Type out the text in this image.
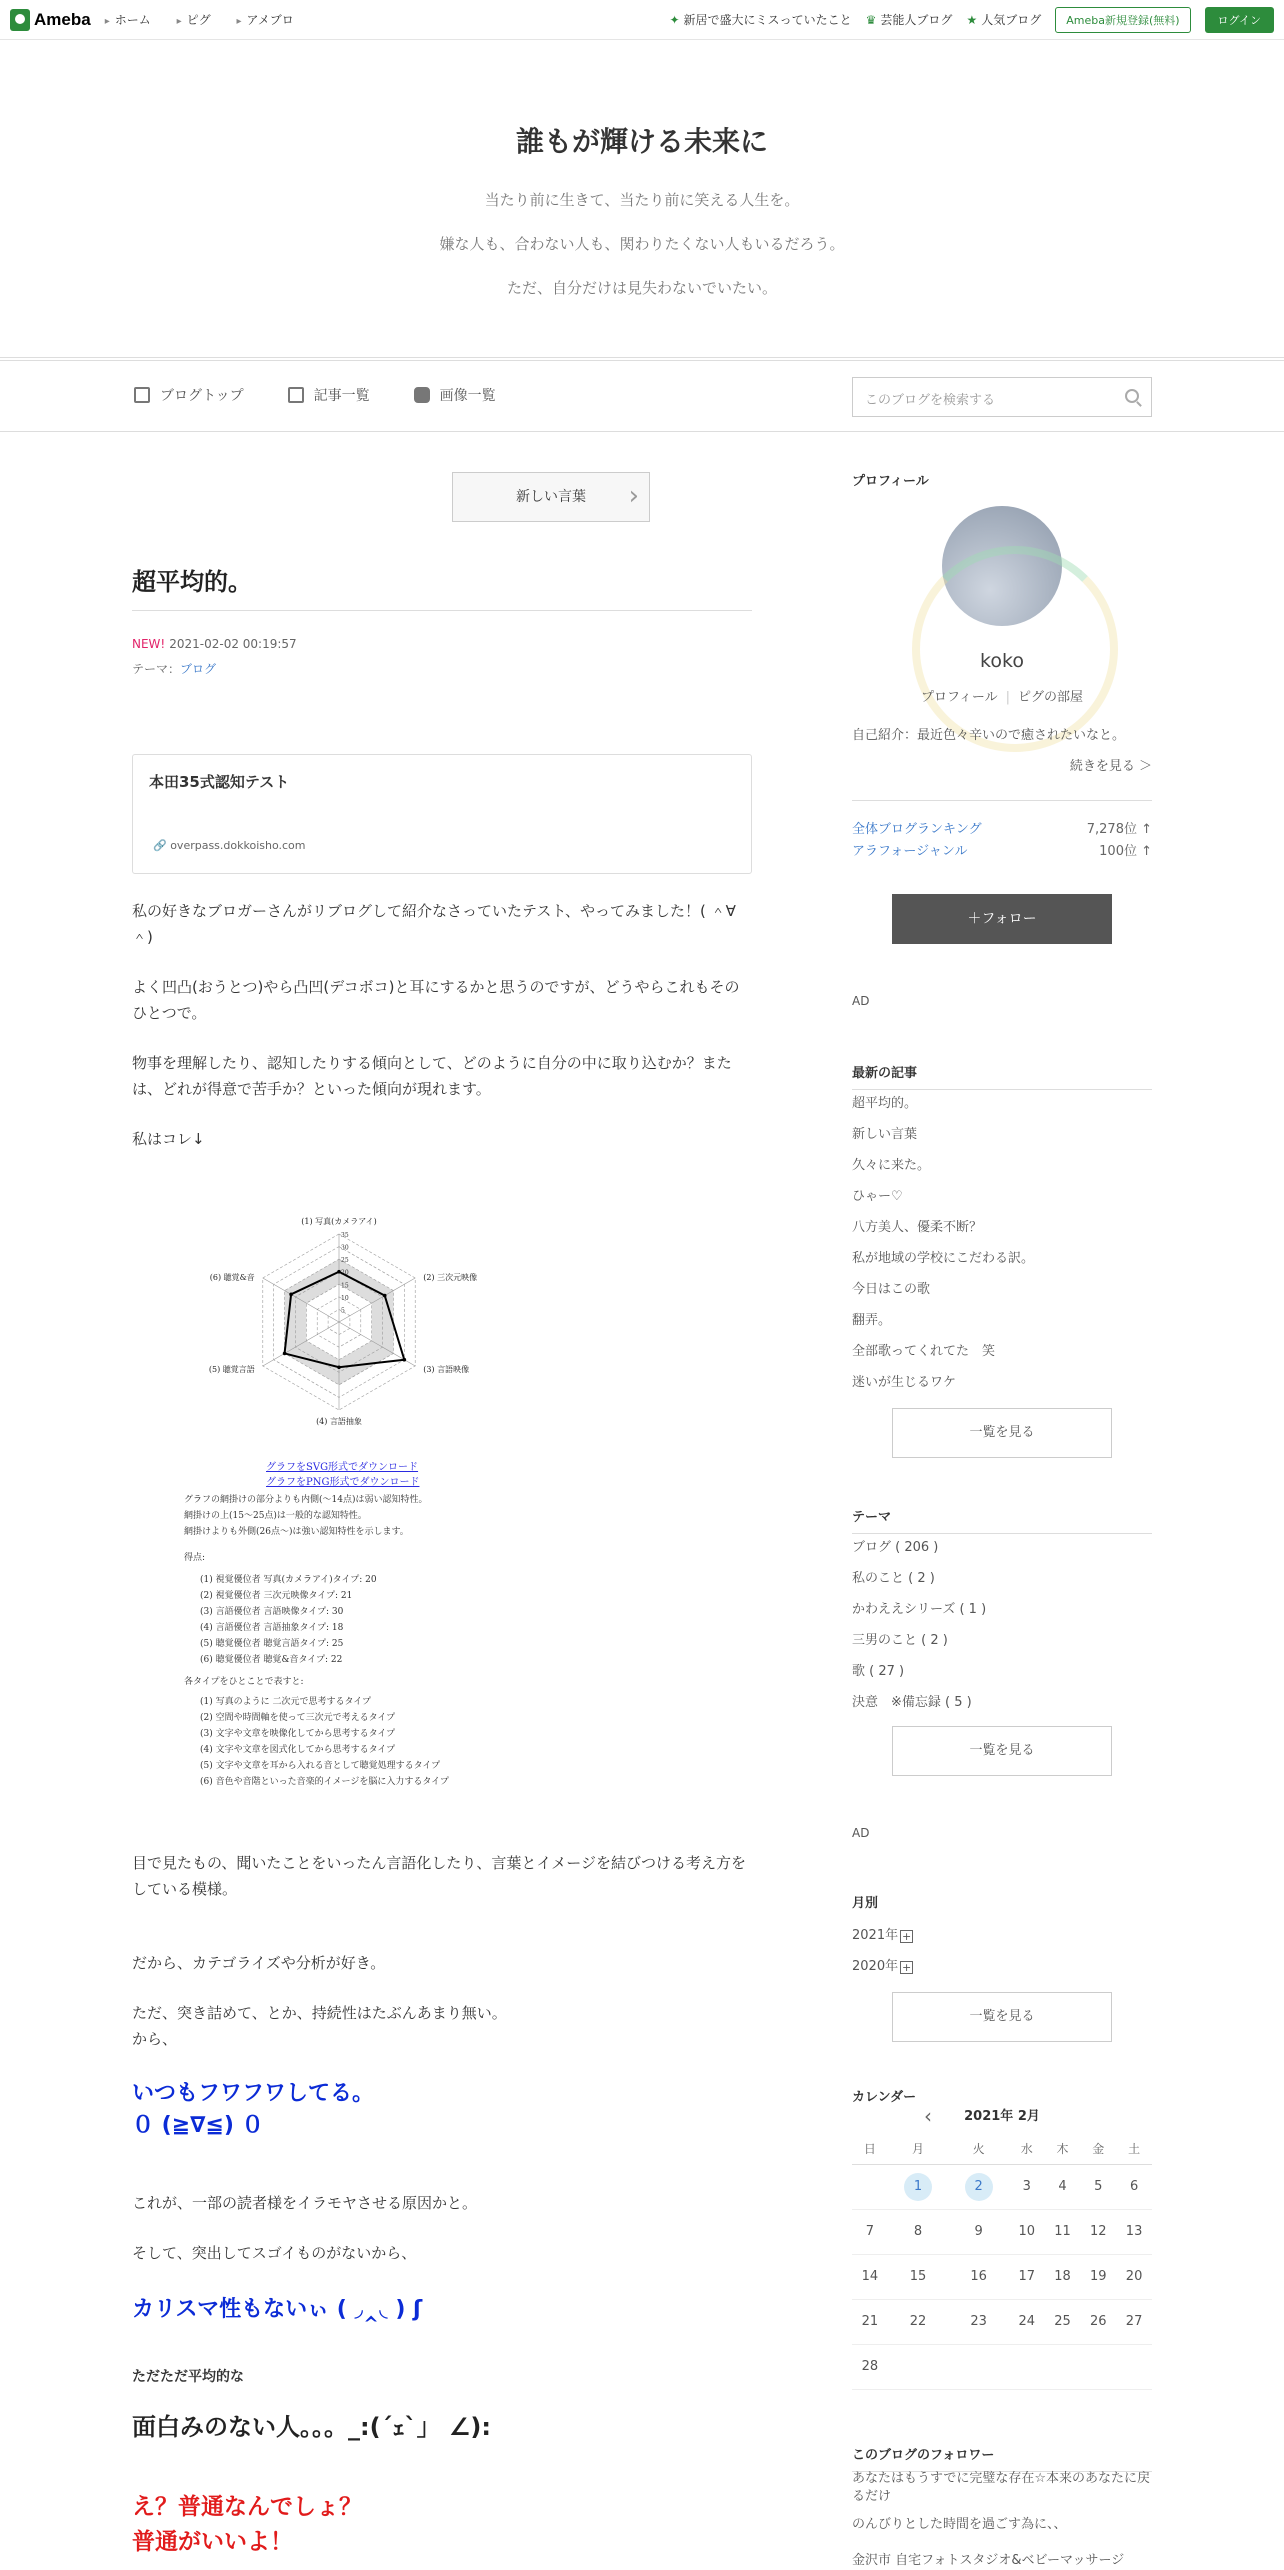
Ameba	▸ ホーム	▸ ピグ	▸ アメブロ	✦ 新居で盛大にミスっていたこと	♛ 芸能人ブログ	★ 人気ブログ	Ameba新規登録(無料)	ログイン
誰もが輝ける未来に
当たり前に生きて、当たり前に笑える人生を。
嫌な人も、合わない人も、関わりたくない人もいるだろう。
ただ、自分だけは見失わないでいたい。
ブログトップ	記事一覧	画像一覧	このブログを検索する
新しい言葉 ›
超平均的。
NEW! 2021-02-02 00:19:57
テーマ：ブログ
本田35式認知テスト
🔗 overpass.dokkoisho.com
私の好きなブロガーさんがリブログして紹介なさっていたテスト、やってみました！( ＾∀＾)
よく凹凸(おうとつ)やら凸凹(デコボコ)と耳にするかと思うのですが、どうやらこれもそのひとつで。
物事を理解したり、認知したりする傾向として、どのように自分の中に取り込むか？または、どれが得意で苦手か？といった傾向が現れます。
私はコレ↓
35
30
25
20
15
10
5
(1) 写真(カメラアイ)
(2) 三次元映像
(3) 言語映像
(4) 言語抽象
(5) 聴覚言語
(6) 聴覚&音
グラフをSVG形式でダウンロード
グラフをPNG形式でダウンロード
グラフの網掛けの部分よりも内側(〜14点)は弱い認知特性。
網掛けの上(15〜25点)は一般的な認知特性。
網掛けよりも外側(26点〜)は強い認知特性を示します。
得点:
(1) 視覚優位者 写真(カメラアイ)タイプ: 20
(2) 視覚優位者 三次元映像タイプ: 21
(3) 言語優位者 言語映像タイプ: 30
(4) 言語優位者 言語抽象タイプ: 18
(5) 聴覚優位者 聴覚言語タイプ: 25
(6) 聴覚優位者 聴覚&音タイプ: 22
各タイプをひとことで表すと:
(1) 写真のように 二次元で思考するタイプ
(2) 空間や時間軸を使って三次元で考えるタイプ
(3) 文字や文章を映像化してから思考するタイプ
(4) 文字や文章を図式化してから思考するタイプ
(5) 文字や文章を耳から入れる音として聴覚処理するタイプ
(6) 音色や音階といった音楽的イメージを脳に入力するタイプ
目で見たもの、聞いたことをいったん言語化したり、言葉とイメージを結びつける考え方をしている模様。
だから、カテゴライズや分析が好き。
ただ、突き詰めて、とか、持続性はたぶんあまり無い。
から、
いつもフワフワしてる。
０ (≧∇≦) ０
これが、一部の読者様をイラモヤさせる原因かと。
そして、突出してスゴイものがないから、
カリスマ性もないぃ ( ◞‸◟ ) ʃ
ただただ平均的な
面白みのない人。。。_:(´ｪ`」 ∠):
え？普通なんでしょ？
普通がいいよ！
プロフィール
koko
プロフィール | ピグの部屋
自己紹介：最近色々辛いので癒されたいなと。
続きを見る ＞
全体ブログランキング	7,278位 ↑
アラフォージャンル	100位 ↑
＋フォロー
AD
最新の記事
超平均的。
新しい言葉
久々に来た。
ひゃー♡
八方美人、優柔不断？
私が地域の学校にこだわる訳。
今日はこの歌
翻弄。
全部歌ってくれてた　笑
迷いが生じるワケ
一覧を見る
テーマ
ブログ ( 206 )
私のこと ( 2 )
かわええシリーズ ( 1 )
三男のこと ( 2 )
歌 ( 27 )
決意　※備忘録 ( 5 )
一覧を見る
AD
月別
2021年 +
2020年 +
一覧を見る
カレンダー
‹ 2021年 2月
日	月	火	水	木	金	土
	1	2	3	4	5	6
7	8	9	10	11	12	13
14	15	16	17	18	19	20
21	22	23	24	25	26	27
28						
このブログのフォロワー
あなたはもうすでに完璧な存在☆本来のあなたに戻るだけ
のんびりとした時間を過ごす為に、、
金沢市 自宅フォトスタジオ&ベビーマッサージ
